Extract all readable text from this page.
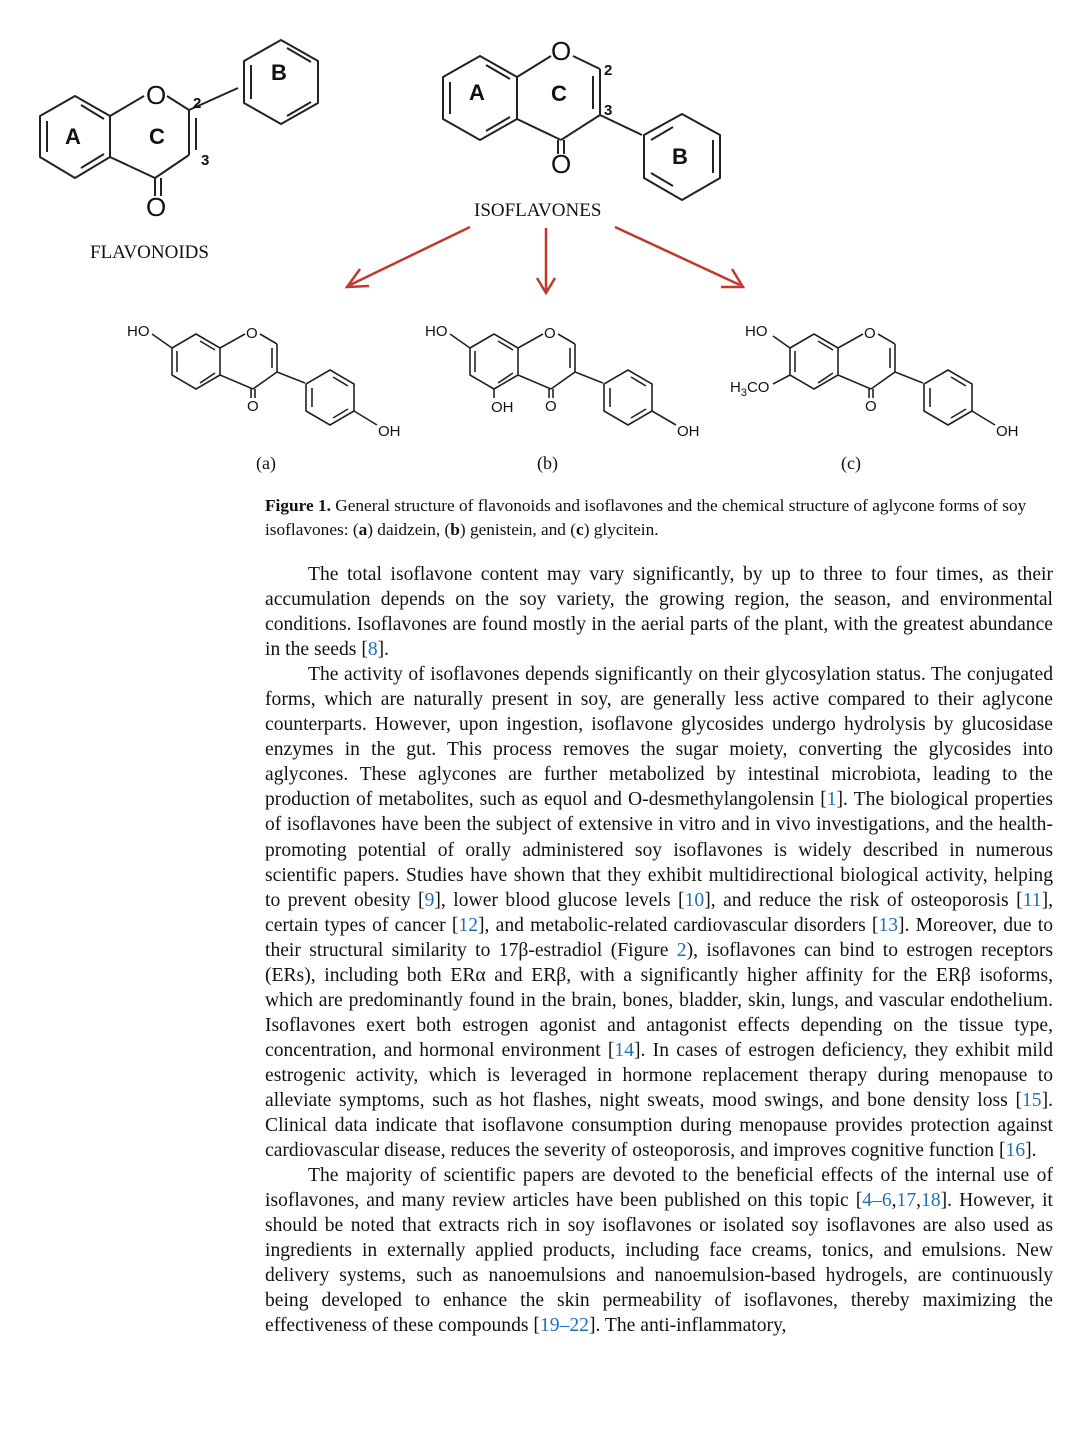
O
O
A	C
B
2
3
FLAVONOIDS
O
O
A	C
B
2
3
ISOFLAVONES
HO	O
O
OH
(a)
HO	O
OH O
OH
(b)
HO
$H_3CO$
O
O
OH
(c)
Figure 1. General structure of flavonoids and isoflavones and the chemical structure of aglycone forms of soy isoflavones: (a) daidzein, (b) genistein, and (c) glycitein.

The total isoflavone content may vary significantly, by up to three to four times, as their accumulation depends on the soy variety, the growing region, the season, and environmental conditions. Isoflavones are found mostly in the aerial parts of the plant, with the greatest abundance in the seeds [8].

The activity of isoflavones depends significantly on their glycosylation status. The conjugated forms, which are naturally present in soy, are generally less active compared to their aglycone counterparts. However, upon ingestion, isoflavone glycosides undergo hydrolysis by glucosidase enzymes in the gut. This process removes the sugar moiety, converting the glycosides into aglycones. These aglycones are further metabolized by intestinal microbiota, leading to the production of metabolites, such as equol and O-desmethylangolensin [1]. The biological properties of isoflavones have been the subject of extensive in vitro and in vivo investigations, and the health-promoting potential of orally administered soy isoflavones is widely described in numerous scientific papers. Studies have shown that they exhibit multidirectional biological activity, helping to prevent obesity [9], lower blood glucose levels [10], and reduce the risk of osteoporosis [11], certain types of cancer [12], and metabolic-related cardiovascular disorders [13]. Moreover, due to their structural similarity to 17β-estradiol (Figure 2), isoflavones can bind to estrogen receptors (ERs), including both ERα and ERβ, with a significantly higher affinity for the ERβ isoforms, which are predominantly found in the brain, bones, bladder, skin, lungs, and vascular endothelium. Isoflavones exert both estrogen agonist and antagonist effects depending on the tissue type, concentration, and hormonal environment [14]. In cases of estrogen deficiency, they exhibit mild estrogenic activity, which is leveraged in hormone replacement therapy during menopause to alleviate symptoms, such as hot flashes, night sweats, mood swings, and bone density loss [15]. Clinical data indicate that isoflavone consumption during menopause provides protection against cardiovascular disease, reduces the severity of osteoporosis, and improves cognitive function [16].

The majority of scientific papers are devoted to the beneficial effects of the internal use of isoflavones, and many review articles have been published on this topic [4–6,17,18]. However, it should be noted that extracts rich in soy isoflavones or isolated soy isoflavones are also used as ingredients in externally applied products, including face creams, tonics, and emulsions. New delivery systems, such as nanoemulsions and nanoemulsion-based hydrogels, are continuously being developed to enhance the skin permeability of isoflavones, thereby maximizing the effectiveness of these compounds [19–22]. The anti-inflammatory,
